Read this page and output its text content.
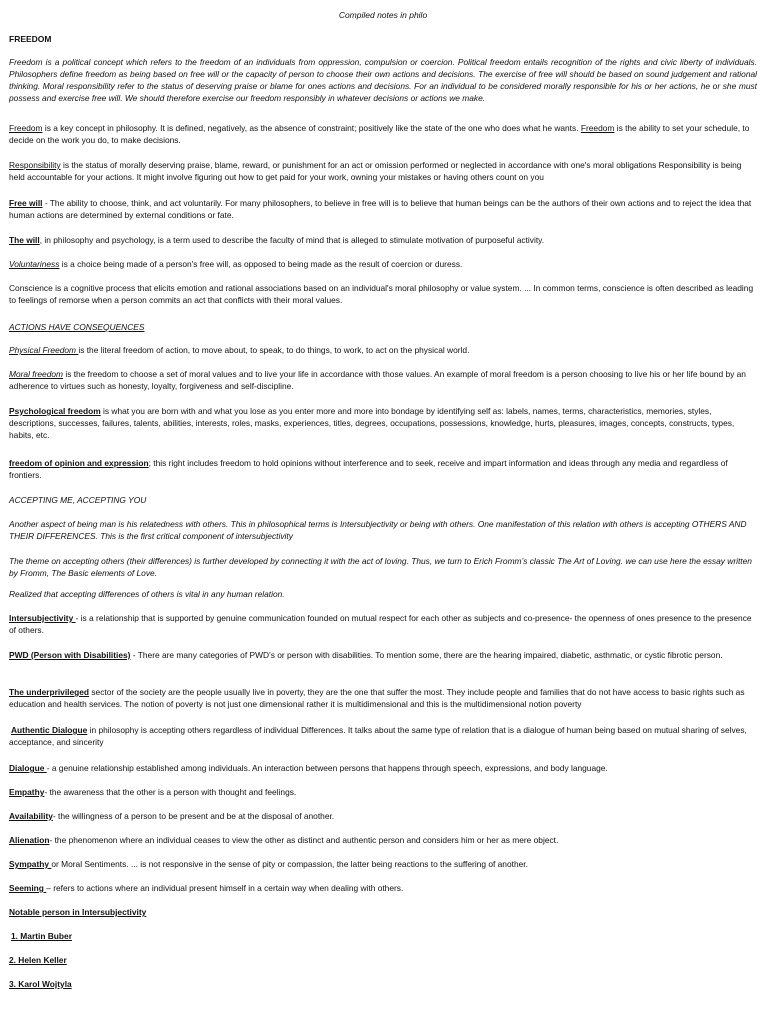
Compiled notes in philo
FREEDOM

Freedom is a political concept which refers to the freedom of an individuals from oppression, compulsion or coercion. Political freedom entails recognition of the rights and civic liberty of individuals. Philosophers define freedom as being based on free will or the capacity of person to choose their own actions and decisions. The exercise of free will should be based on sound judgement and rational thinking. Moral responsibility refer to the status of deserving praise or blame for ones actions and decisions. For an individual to be considered morally responsible for his or her actions, he or she must possess and exercise free will. We should therefore exercise our freedom responsibly in whatever decisions or actions we make.

Freedom is a key concept in philosophy. It is defined, negatively, as the absence of constraint; positively like the state of the one who does what he wants. Freedom is the ability to set your schedule, to decide on the work you do, to make decisions.

Responsibility is the status of morally deserving praise, blame, reward, or punishment for an act or omission performed or neglected in accordance with one's moral obligations Responsibility is being held accountable for your actions. It might involve figuring out how to get paid for your work, owning your mistakes or having others count on you

Free will - The ability to choose, think, and act voluntarily. For many philosophers, to believe in free will is to believe that human beings can be the authors of their own actions and to reject the idea that human actions are determined by external conditions or fate.

The will, in philosophy and psychology, is a term used to describe the faculty of mind that is alleged to stimulate motivation of purposeful activity.

Voluntariness is a choice being made of a person's free will, as opposed to being made as the result of coercion or duress.

Conscience is a cognitive process that elicits emotion and rational associations based on an individual's moral philosophy or value system. ... In common terms, conscience is often described as leading to feelings of remorse when a person commits an act that conflicts with their moral values.

ACTIONS HAVE CONSEQUENCES

Physical Freedom is the literal freedom of action, to move about, to speak, to do things, to work, to act on the physical world.

Moral freedom is the freedom to choose a set of moral values and to live your life in accordance with those values. An example of moral freedom is a person choosing to live his or her life bound by an adherence to virtues such as honesty, loyalty, forgiveness and self-discipline.

Psychological freedom is what you are born with and what you lose as you enter more and more into bondage by identifying self as: labels, names, terms, characteristics, memories, styles, descriptions, successes, failures, talents, abilities, interests, roles, masks, experiences, titles, degrees, occupations, possessions, knowledge, hurts, pleasures, images, concepts, constructs, types, habits, etc.

freedom of opinion and expression; this right includes freedom to hold opinions without interference and to seek, receive and impart information and ideas through any media and regardless of frontiers.

ACCEPTING ME, ACCEPTING YOU

Another aspect of being man is his relatedness with others. This in philosophical terms is Intersubjectivity or being with others. One manifestation of this relation with others is accepting OTHERS AND THEIR DIFFERENCES. This is the first critical component of intersubjectivity

The theme on accepting others (their differences) is further developed by connecting it with the act of loving. Thus, we turn to Erich Fromm’s classic The Art of Loving. we can use here the essay written by Fromm, The Basic elements of Love.

Realized that accepting differences of others is vital in any human relation.

Intersubjectivity - is a relationship that is supported by genuine communication founded on mutual respect for each other as subjects and co-presence- the openness of ones presence to the presence of others.

PWD (Person with Disabilities) - There are many categories of PWD’s or person with disabilities. To mention some, there are the hearing impaired, diabetic, asthmatic, or cystic fibrotic person.

The underprivileged sector of the society are the people usually live in poverty, they are the one that suffer the most. They include people and families that do not have access to basic rights such as education and health services. The notion of poverty is not just one dimensional rather it is multidimensional and this is the multidimensional notion poverty

Authentic Dialogue in philosophy is accepting others regardless of individual Differences. It talks about the same type of relation that is a dialogue of human being based on mutual sharing of selves, acceptance, and sincerity

Dialogue - a genuine relationship established among individuals. An interaction between persons that happens through speech, expressions, and body language.

Empathy- the awareness that the other is a person with thought and feelings.

Availability- the willingness of a person to be present and be at the disposal of another.

Alienation- the phenomenon where an individual ceases to view the other as distinct and authentic person and considers him or her as mere object.

Sympathy or Moral Sentiments. ... is not responsive in the sense of pity or compassion, the latter being reactions to the suffering of another.

Seeming – refers to actions where an individual present himself in a certain way when dealing with others.

Notable person in Intersubjectivity

1. Martin Buber

2. Helen Keller

3. Karol Wojtyla
